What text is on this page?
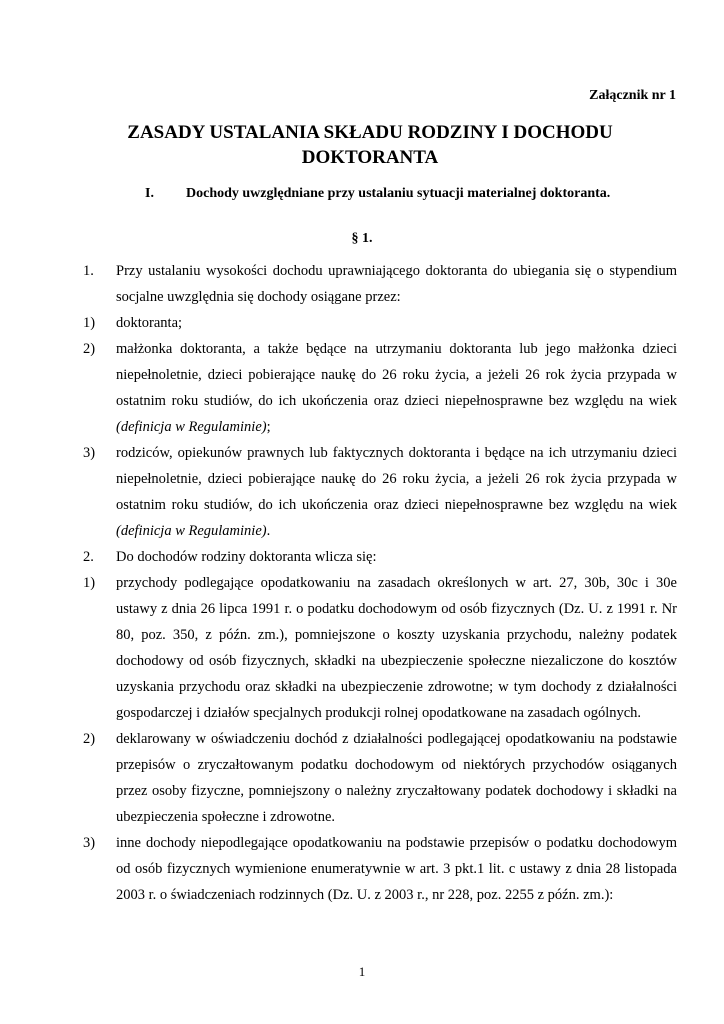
Załącznik nr 1
ZASADY USTALANIA SKŁADU RODZINY I DOCHODU DOKTORANTA
I. Dochody uwzględniane przy ustalaniu sytuacji materialnej doktoranta.
§ 1.
1. Przy ustalaniu wysokości dochodu uprawniającego doktoranta do ubiegania się o stypendium socjalne uwzględnia się dochody osiągane przez:
1) doktoranta;
2) małżonka doktoranta, a także będące na utrzymaniu doktoranta lub jego małżonka dzieci niepełnoletnie, dzieci pobierające naukę do 26 roku życia, a jeżeli 26 rok życia przypada w ostatnim roku studiów, do ich ukończenia oraz dzieci niepełnosprawne bez względu na wiek (definicja w Regulaminie);
3) rodziców, opiekunów prawnych lub faktycznych doktoranta i będące na ich utrzymaniu dzieci niepełnoletnie, dzieci pobierające naukę do 26 roku życia, a jeżeli 26 rok życia przypada w ostatnim roku studiów, do ich ukończenia oraz dzieci niepełnosprawne bez względu na wiek (definicja w Regulaminie).
2. Do dochodów rodziny doktoranta wlicza się:
1) przychody podlegające opodatkowaniu na zasadach określonych w art. 27, 30b, 30c i 30e ustawy z dnia 26 lipca 1991 r. o podatku dochodowym od osób fizycznych (Dz. U. z 1991 r. Nr 80, poz. 350, z późn. zm.), pomniejszone o koszty uzyskania przychodu, należny podatek dochodowy od osób fizycznych, składki na ubezpieczenie społeczne niezaliczone do kosztów uzyskania przychodu oraz składki na ubezpieczenie zdrowotne; w tym dochody z działalności gospodarczej i działów specjalnych produkcji rolnej opodatkowane na zasadach ogólnych.
2) deklarowany w oświadczeniu dochód z działalności podlegającej opodatkowaniu na podstawie przepisów o zryczałtowanym podatku dochodowym od niektórych przychodów osiąganych przez osoby fizyczne, pomniejszony o należny zryczałtowany podatek dochodowy i składki na ubezpieczenia społeczne i zdrowotne.
3) inne dochody niepodlegające opodatkowaniu na podstawie przepisów o podatku dochodowym od osób fizycznych wymienione enumeratywnie w art. 3 pkt.1 lit. c ustawy z dnia 28 listopada 2003 r. o świadczeniach rodzinnych (Dz. U. z 2003 r., nr 228, poz. 2255 z późn. zm.):
1
